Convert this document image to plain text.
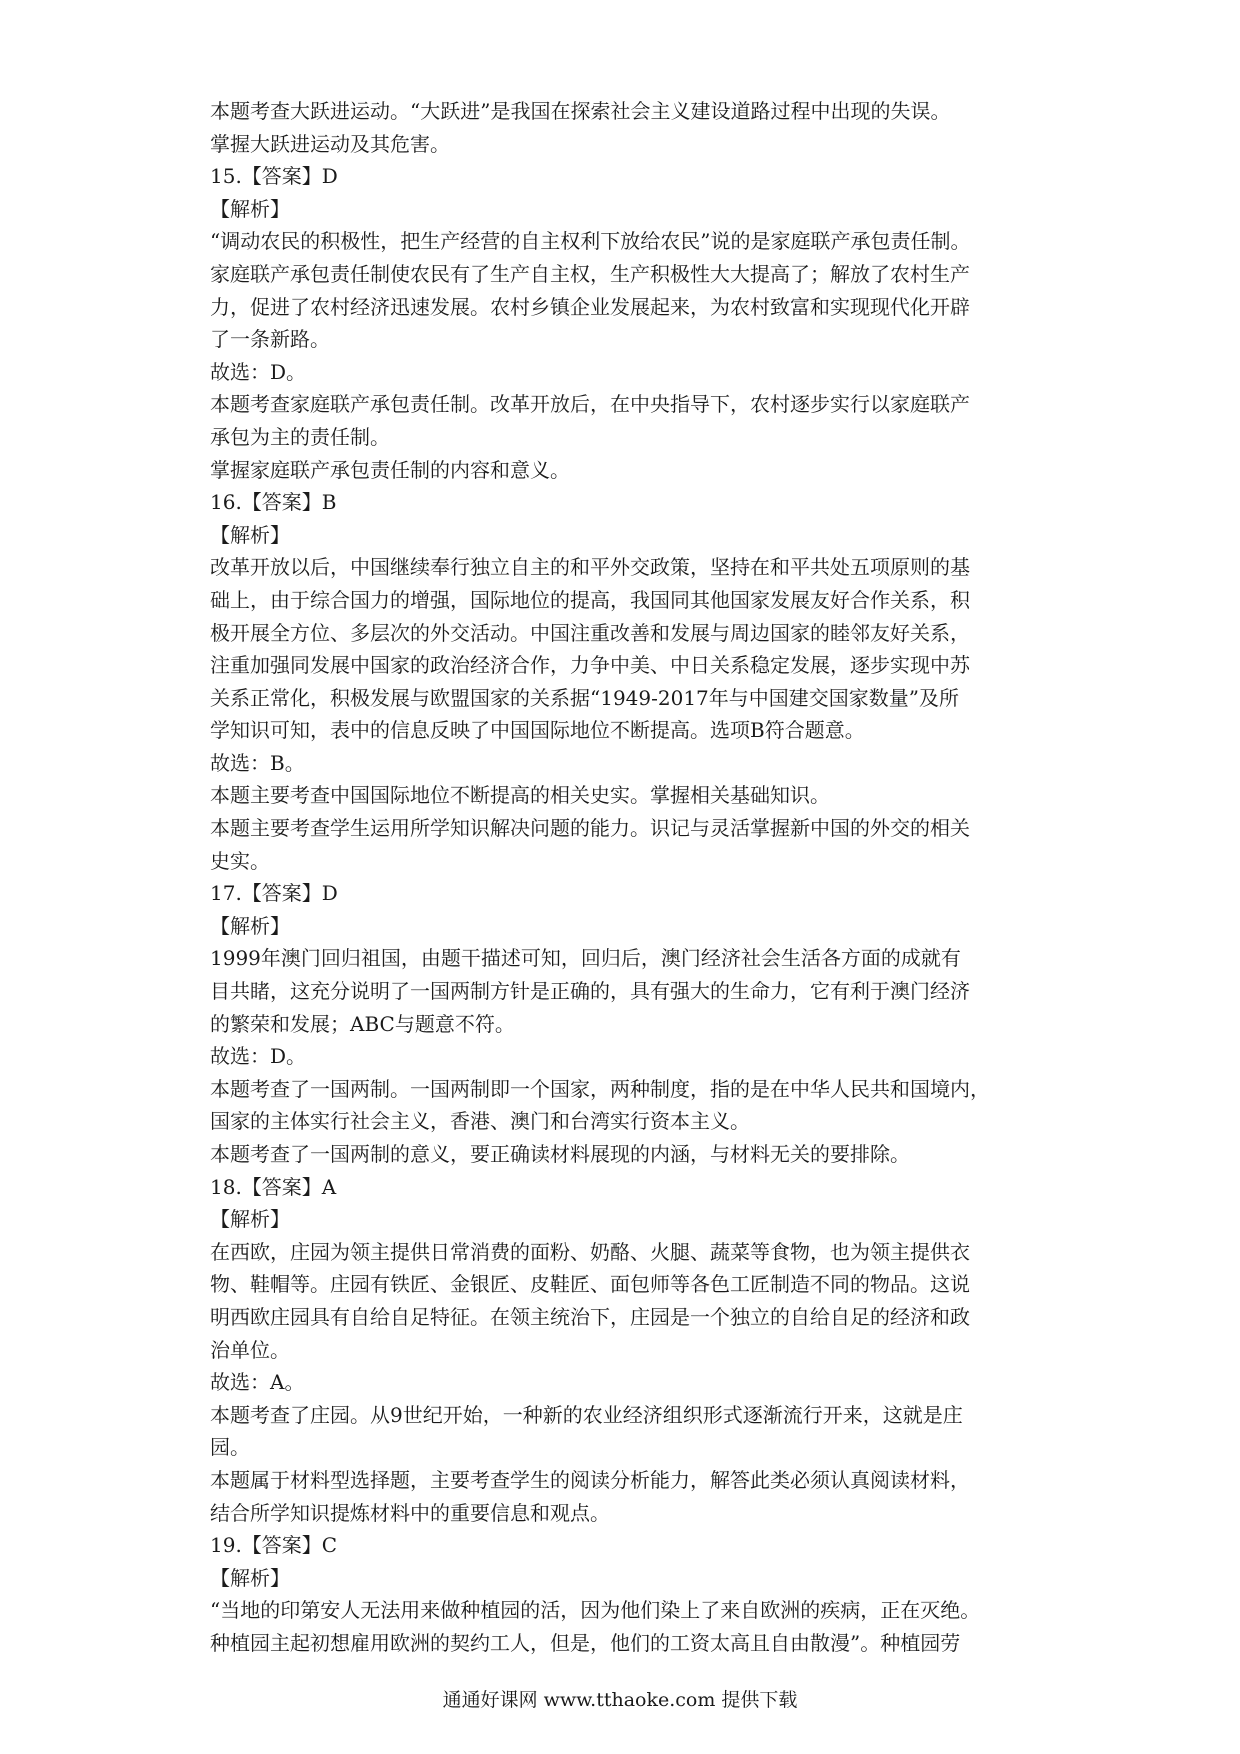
本题考查大跃进运动。“大跃进”是我国在探索社会主义建设道路过程中出现的失误。
掌握大跃进运动及其危害。
15.【答案】D
【解析】
“调动农民的积极性，把生产经营的自主权利下放给农民”说的是家庭联产承包责任制。
家庭联产承包责任制使农民有了生产自主权，生产积极性大大提高了；解放了农村生产
力，促进了农村经济迅速发展。农村乡镇企业发展起来，为农村致富和实现现代化开辟
了一条新路。
故选：D。
本题考查家庭联产承包责任制。改革开放后，在中央指导下，农村逐步实行以家庭联产
承包为主的责任制。
掌握家庭联产承包责任制的内容和意义。
16.【答案】B
【解析】
改革开放以后，中国继续奉行独立自主的和平外交政策，坚持在和平共处五项原则的基
础上，由于综合国力的增强，国际地位的提高，我国同其他国家发展友好合作关系，积
极开展全方位、多层次的外交活动。中国注重改善和发展与周边国家的睦邻友好关系，
注重加强同发展中国家的政治经济合作，力争中美、中日关系稳定发展，逐步实现中苏
关系正常化，积极发展与欧盟国家的关系据“1949-2017年与中国建交国家数量”及所
学知识可知，表中的信息反映了中国国际地位不断提高。选项B符合题意。
故选：B。
本题主要考查中国国际地位不断提高的相关史实。掌握相关基础知识。
本题主要考查学生运用所学知识解决问题的能力。识记与灵活掌握新中国的外交的相关
史实。
17.【答案】D
【解析】
1999年澳门回归祖国，由题干描述可知，回归后，澳门经济社会生活各方面的成就有
目共睹，这充分说明了一国两制方针是正确的，具有强大的生命力，它有利于澳门经济
的繁荣和发展；ABC与题意不符。
故选：D。
本题考查了一国两制。一国两制即一个国家，两种制度，指的是在中华人民共和国境内，
国家的主体实行社会主义，香港、澳门和台湾实行资本主义。
本题考查了一国两制的意义，要正确读材料展现的内涵，与材料无关的要排除。
18.【答案】A
【解析】
在西欧，庄园为领主提供日常消费的面粉、奶酪、火腿、蔬菜等食物，也为领主提供衣
物、鞋帽等。庄园有铁匠、金银匠、皮鞋匠、面包师等各色工匠制造不同的物品。这说
明西欧庄园具有自给自足特征。在领主统治下，庄园是一个独立的自给自足的经济和政
治单位。
故选：A。
本题考查了庄园。从9世纪开始，一种新的农业经济组织形式逐渐流行开来，这就是庄
园。
本题属于材料型选择题，主要考查学生的阅读分析能力，解答此类必须认真阅读材料，
结合所学知识提炼材料中的重要信息和观点。
19.【答案】C
【解析】
“当地的印第安人无法用来做种植园的活，因为他们染上了来自欧洲的疾病，正在灭绝。
种植园主起初想雇用欧洲的契约工人，但是，他们的工资太高且自由散漫”。种植园劳
通通好课网 www.tthaoke.com 提供下载
